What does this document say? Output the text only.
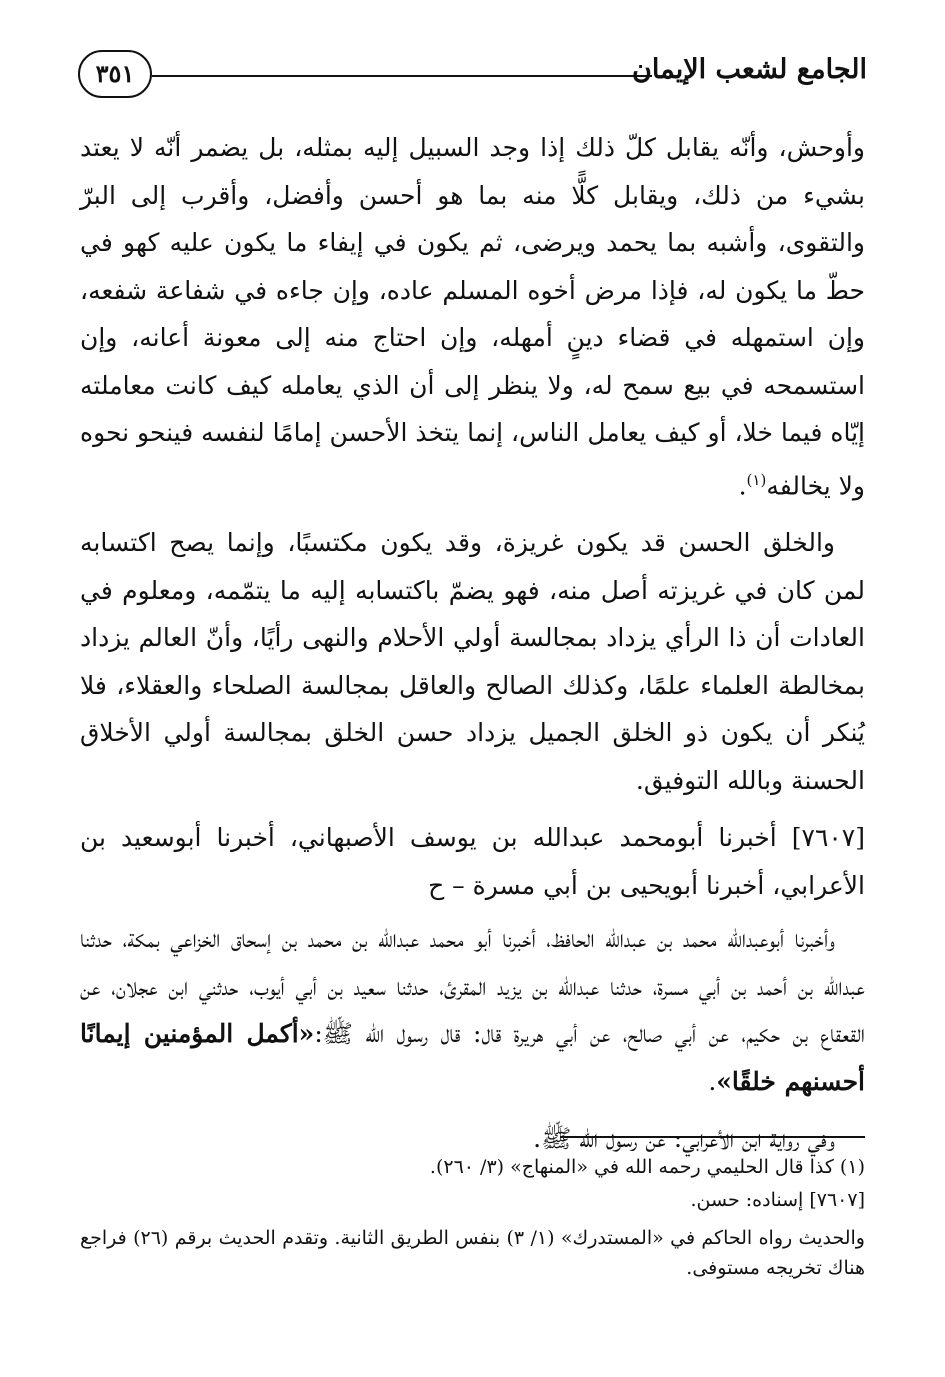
الجامع لشعب الإيمان
٣٥١

وأوحش، وأنّه يقابل كلّ ذلك إذا وجد السبيل إليه بمثله، بل يضمر أنّه لا يعتد بشيء من ذلك، ويقابل كلًّا منه بما هو أحسن وأفضل، وأقرب إلى البرّ والتقوى، وأشبه بما يحمد ويرضى، ثم يكون في إيفاء ما يكون عليه كهو في حطّ ما يكون له، فإذا مرض أخوه المسلم عاده، وإن جاءه في شفاعة شفعه، وإن استمهله في قضاء دينٍ أمهله، وإن احتاج منه إلى معونة أعانه، وإن استسمحه في بيع سمح له، ولا ينظر إلى أن الذي يعامله كيف كانت معاملته إيّاه فيما خلا، أو كيف يعامل الناس، إنما يتخذ الأحسن إمامًا لنفسه فينحو نحوه ولا يخالفه$^{(١)}$.

والخلق الحسن قد يكون غريزة، وقد يكون مكتسبًا، وإنما يصح اكتسابه لمن كان في غريزته أصل منه، فهو يضمّ باكتسابه إليه ما يتمّمه، ومعلوم في العادات أن ذا الرأي يزداد بمجالسة أولي الأحلام والنهى رأيًا، وأنّ العالم يزداد بمخالطة العلماء علمًا، وكذلك الصالح والعاقل بمجالسة الصلحاء والعقلاء، فلا يُنكر أن يكون ذو الخلق الجميل يزداد حسن الخلق بمجالسة أولي الأخلاق الحسنة وبالله التوفيق.

[٧٦٠٧] أخبرنا أبومحمد عبدالله بن يوسف الأصبهاني، أخبرنا أبوسعيد بن الأعرابي، أخبرنا أبويحيى بن أبي مسرة – ح

وأخبرنا أبوعبدالله محمد بن عبدالله الحافظ، أخبرنا أبو محمد عبدالله بن محمد بن إسحاق الخزاعي بمكة، حدثنا عبدالله بن أحمد بن أبي مسرة، حدثنا عبدالله بن يزيد المقرئ، حدثنا سعيد بن أبي أيوب، حدثني ابن عجلان، عن القعقاع بن حكيم، عن أبي صالح، عن أبي هريرة قال: قال رسول الله ﷺ:«أكمل المؤمنين إيمانًا أحسنهم خلقًا».

وفي رواية ابن الأعرابي: عن رسول الله ﷺ.

(١) كذا قال الحليمي رحمه الله في «المنهاج» (٣/ ٢٦٠).

[٧٦٠٧] إسناده: حسن.

والحديث رواه الحاكم في «المستدرك» (١/ ٣) بنفس الطريق الثانية. وتقدم الحديث برقم (٢٦) فراجع هناك تخريجه مستوفى.
